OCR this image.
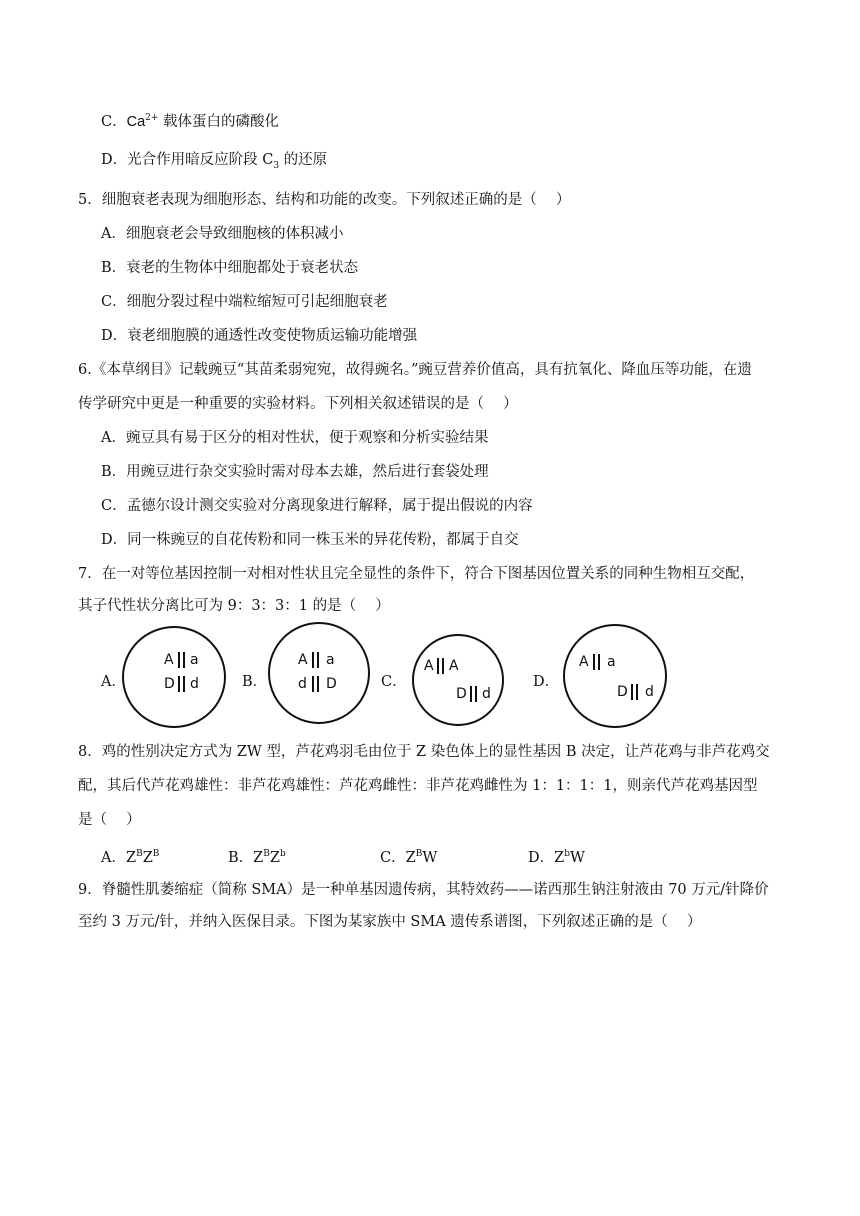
C．$Ca^{2+}$ 载体蛋白的磷酸化
D．光合作用暗反应阶段 $C_3$ 的还原
5．细胞衰老表现为细胞形态、结构和功能的改变。下列叙述正确的是（　 ）
A．细胞衰老会导致细胞核的体积减小
B．衰老的生物体中细胞都处于衰老状态
C．细胞分裂过程中端粒缩短可引起细胞衰老
D．衰老细胞膜的通透性改变使物质运输功能增强
6.《本草纲目》记载豌豆“其苗柔弱宛宛，故得豌名。”豌豆营养价值高，具有抗氧化、降血压等功能，在遗
传学研究中更是一种重要的实验材料。下列相关叙述错误的是（　 ）
A．豌豆具有易于区分的相对性状，便于观察和分析实验结果
B．用豌豆进行杂交实验时需对母本去雄，然后进行套袋处理
C．孟德尔设计测交实验对分离现象进行解释，属于提出假说的内容
D．同一株豌豆的自花传粉和同一株玉米的异花传粉，都属于自交
7．在一对等位基因控制一对相对性状且完全显性的条件下，符合下图基因位置关系的同种生物相互交配，
其子代性状分离比可为 9：3：3：1 的是（　 ）
A．
A a
D d	B．
A a
d D	C．
A A
D d
D．
A a
D d
8．鸡的性别决定方式为 ZW 型，芦花鸡羽毛由位于 Z 染色体上的显性基因 B 决定，让芦花鸡与非芦花鸡交
配，其后代芦花鸡雄性：非芦花鸡雄性：芦花鸡雌性：非芦花鸡雌性为 1：1：1：1，则亲代芦花鸡基因型
是（　 ）
A．$Z^BZ^B$	B．$Z^BZ^b$	C．$Z^BW$	D．$Z^bW$
9．脊髓性肌萎缩症（简称 SMA）是一种单基因遗传病，其特效药——诺西那生钠注射液由 70 万元/针降价
至约 3 万元/针，并纳入医保目录。下图为某家族中 SMA 遗传系谱图，下列叙述正确的是（　 ）
